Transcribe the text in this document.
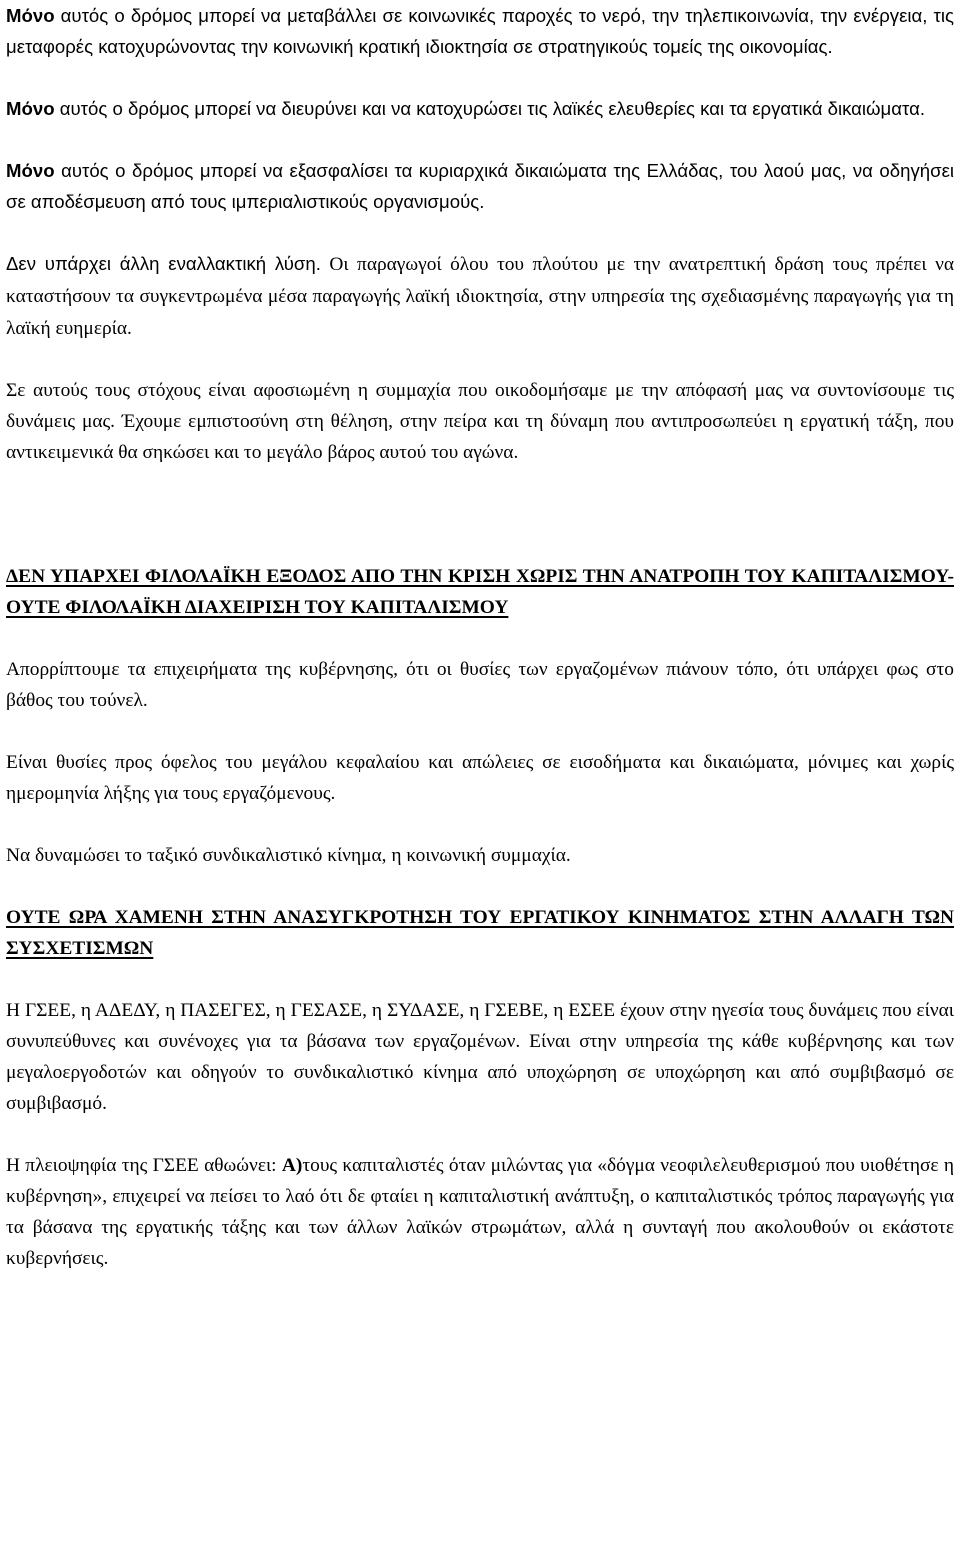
Μόνο αυτός ο δρόμος μπορεί να μεταβάλλει σε κοινωνικές παροχές το νερό, την τηλεπικοινωνία, την ενέργεια, τις μεταφορές κατοχυρώνοντας την κοινωνική κρατική ιδιοκτησία σε στρατηγικούς τομείς της οικονομίας.

Μόνο αυτός ο δρόμος μπορεί να διευρύνει και να κατοχυρώσει τις λαϊκές ελευθερίες και τα εργατικά δικαιώματα.

Μόνο αυτός ο δρόμος μπορεί να εξασφαλίσει τα κυριαρχικά δικαιώματα της Ελλάδας, του λαού μας, να οδηγήσει σε αποδέσμευση από τους ιμπεριαλιστικούς οργανισμούς.

Δεν υπάρχει άλλη εναλλακτική λύση. Οι παραγωγοί όλου του πλούτου με την ανατρεπτική δράση τους πρέπει να καταστήσουν τα συγκεντρωμένα μέσα παραγωγής λαϊκή ιδιοκτησία, στην υπηρεσία της σχεδιασμένης παραγωγής για τη λαϊκή ευημερία.

Σε αυτούς τους στόχους είναι αφοσιωμένη η συμμαχία που οικοδομήσαμε με την απόφασή μας να συντονίσουμε τις δυνάμεις μας. Έχουμε εμπιστοσύνη στη θέληση, στην πείρα και τη δύναμη που αντιπροσωπεύει η εργατική τάξη, που αντικειμενικά θα σηκώσει και το μεγάλο βάρος αυτού του αγώνα.

ΔΕΝ ΥΠΑΡΧΕΙ ΦΙΛΟΛΑΪΚΗ ΕΞΟΔΟΣ ΑΠΟ ΤΗΝ ΚΡΙΣΗ ΧΩΡΙΣ ΤΗΝ ΑΝΑΤΡΟΠΗ ΤΟΥ ΚΑΠΙΤΑΛΙΣΜΟΥ-ΟΥΤΕ ΦΙΛΟΛΑΪΚΗ ΔΙΑΧΕΙΡΙΣΗ ΤΟΥ ΚΑΠΙΤΑΛΙΣΜΟΥ

Απορρίπτουμε τα επιχειρήματα της κυβέρνησης, ότι οι θυσίες των εργαζομένων πιάνουν τόπο, ότι υπάρχει φως στο βάθος του τούνελ.

Είναι θυσίες προς όφελος του μεγάλου κεφαλαίου και απώλειες σε εισοδήματα και δικαιώματα, μόνιμες και χωρίς ημερομηνία λήξης για τους εργαζόμενους.

Να δυναμώσει το ταξικό συνδικαλιστικό κίνημα, η κοινωνική συμμαχία.

ΟΥΤΕ ΩΡΑ ΧΑΜΕΝΗ ΣΤΗΝ ΑΝΑΣΥΓΚΡΟΤΗΣΗ ΤΟΥ ΕΡΓΑΤΙΚΟΥ ΚΙΝΗΜΑΤΟΣ ΣΤΗΝ ΑΛΛΑΓΗ ΤΩΝ ΣΥΣΧΕΤΙΣΜΩΝ

Η ΓΣΕΕ, η ΑΔΕΔΥ, η ΠΑΣΕΓΕΣ, η ΓΕΣΑΣΕ, η ΣΥΔΑΣΕ, η ΓΣΕΒΕ, η ΕΣΕΕ έχουν στην ηγεσία τους δυνάμεις που είναι συνυπεύθυνες και συνένοχες για τα βάσανα των εργαζομένων. Είναι στην υπηρεσία της κάθε κυβέρνησης και των μεγαλοεργοδοτών και οδηγούν το συνδικαλιστικό κίνημα από υποχώρηση σε υποχώρηση και από συμβιβασμό σε συμβιβασμό.

Η πλειοψηφία της ΓΣΕΕ αθωώνει: Α)τους καπιταλιστές όταν μιλώντας για «δόγμα νεοφιλελευθερισμού που υιοθέτησε η κυβέρνηση», επιχειρεί να πείσει το λαό ότι δε φταίει η καπιταλιστική ανάπτυξη, ο καπιταλιστικός τρόπος παραγωγής για τα βάσανα της εργατικής τάξης και των άλλων λαϊκών στρωμάτων, αλλά η συνταγή που ακολουθούν οι εκάστοτε κυβερνήσεις.
